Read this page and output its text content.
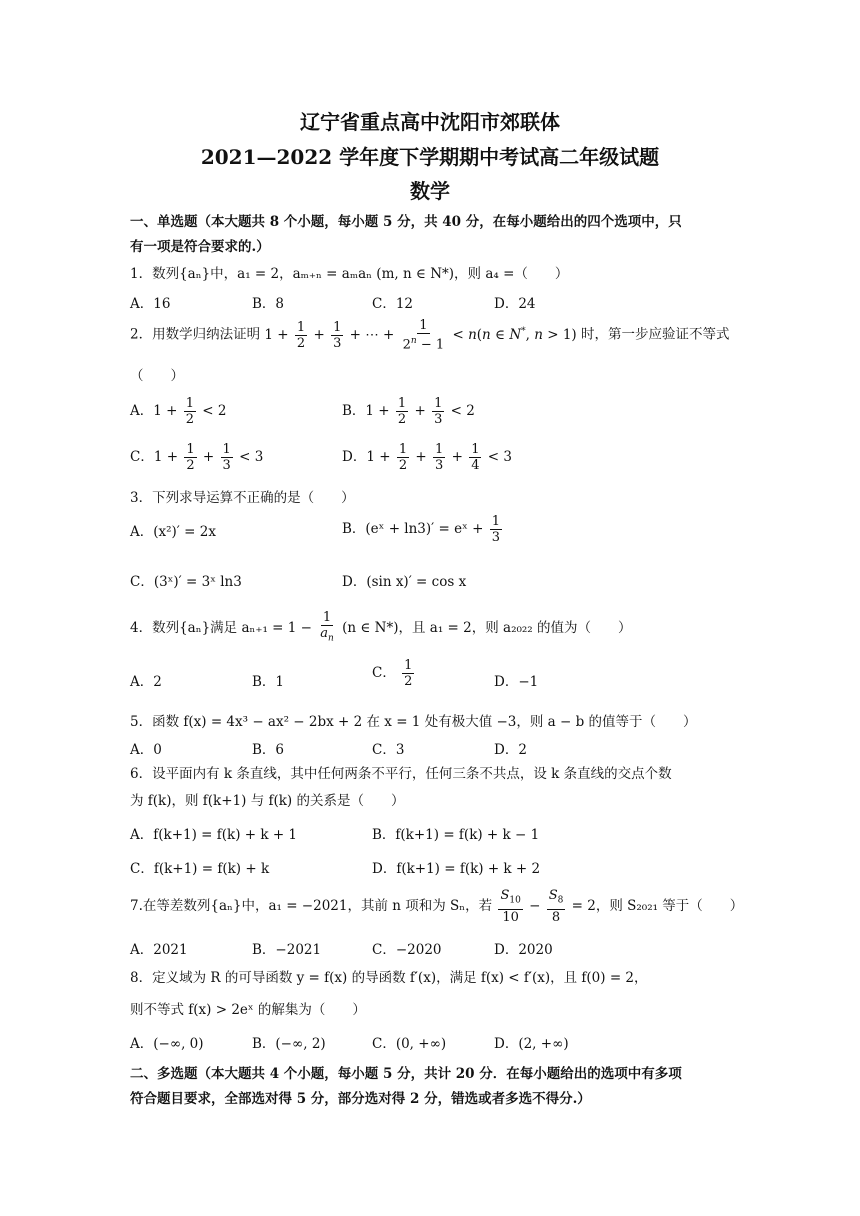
辽宁省重点高中沈阳市郊联体
2021—2022 学年度下学期期中考试高二年级试题
数学
一、单选题（本大题共 8 个小题，每小题 5 分，共 40 分，在每小题给出的四个选项中，只
有一项是符合要求的.）
1．数列{aₙ}中，a₁ = 2，aₘ₊ₙ = aₘaₙ (m, n ∈ N*)，则 a₄ =（　　）
A．16	B．8	C．12	D．24
2．用数学归纳法证明 $1 + \frac{1}{2} + \frac{1}{3}$ + ⋯ + $\frac{1}{2^n - 1} < n(n$ ∈ N*, n > 1) 时，第一步应验证不等式
（　　）
A．$1 + \frac{1}{2} < 2$	B．$1 + \frac{1}{2} + \frac{1}{3} < 2$
C．$1 + \frac{1}{2} + \frac{1}{3} < 3$	D．$1 + \frac{1}{2} + \frac{1}{3} + \frac{1}{4} < 3$
3．下列求导运算不正确的是（　　）
A．(x²)′ = 2x	B．(eˣ + ln3)′ = eˣ + $\frac{1}{3}$
C．(3ˣ)′ = 3ˣ ln3	D．(sin x)′ = cos x
4．数列{aₙ}满足 $a_{n+1} = 1 - \frac{1}{a_n} (n$ ∈ N*)，且 a₁ = 2，则 a₂₀₂₂ 的值为（　　）
A．2	B．1
C． $\frac{1}{2}$	D．−1
5．函数 f(x) = 4x³ − ax² − 2bx + 2 在 x = 1 处有极大值 −3，则 a − b 的值等于（　　）
A．0	B．6	C．3	D．2
6．设平面内有 k 条直线，其中任何两条不平行，任何三条不共点，设 k 条直线的交点个数
为 f(k)，则 f(k+1) 与 f(k) 的关系是（　　）
A．f(k+1) = f(k) + k + 1	B．f(k+1) = f(k) + k − 1
C．f(k+1) = f(k) + k	D．f(k+1) = f(k) + k + 2
7.在等差数列{aₙ}中，a₁ = −2021，其前 n 项和为 Sₙ，若 $\frac{S_{10}}{10} - \frac{S_8}{8} = 2$，则 S₂₀₂₁ 等于（　　）
A．2021	B．−2021	C．−2020	D．2020
8．定义域为 R 的可导函数 y = f(x) 的导函数 f′(x)，满足 f(x) < f′(x)，且 f(0) = 2，
则不等式 f(x) > 2eˣ 的解集为（　　）
A．(−∞, 0)	B．(−∞, 2)	C．(0, +∞)	D．(2, +∞)
二、多选题（本大题共 4 个小题，每小题 5 分，共计 20 分．在每小题给出的选项中有多项
符合题目要求，全部选对得 5 分，部分选对得 2 分，错选或者多选不得分.）
